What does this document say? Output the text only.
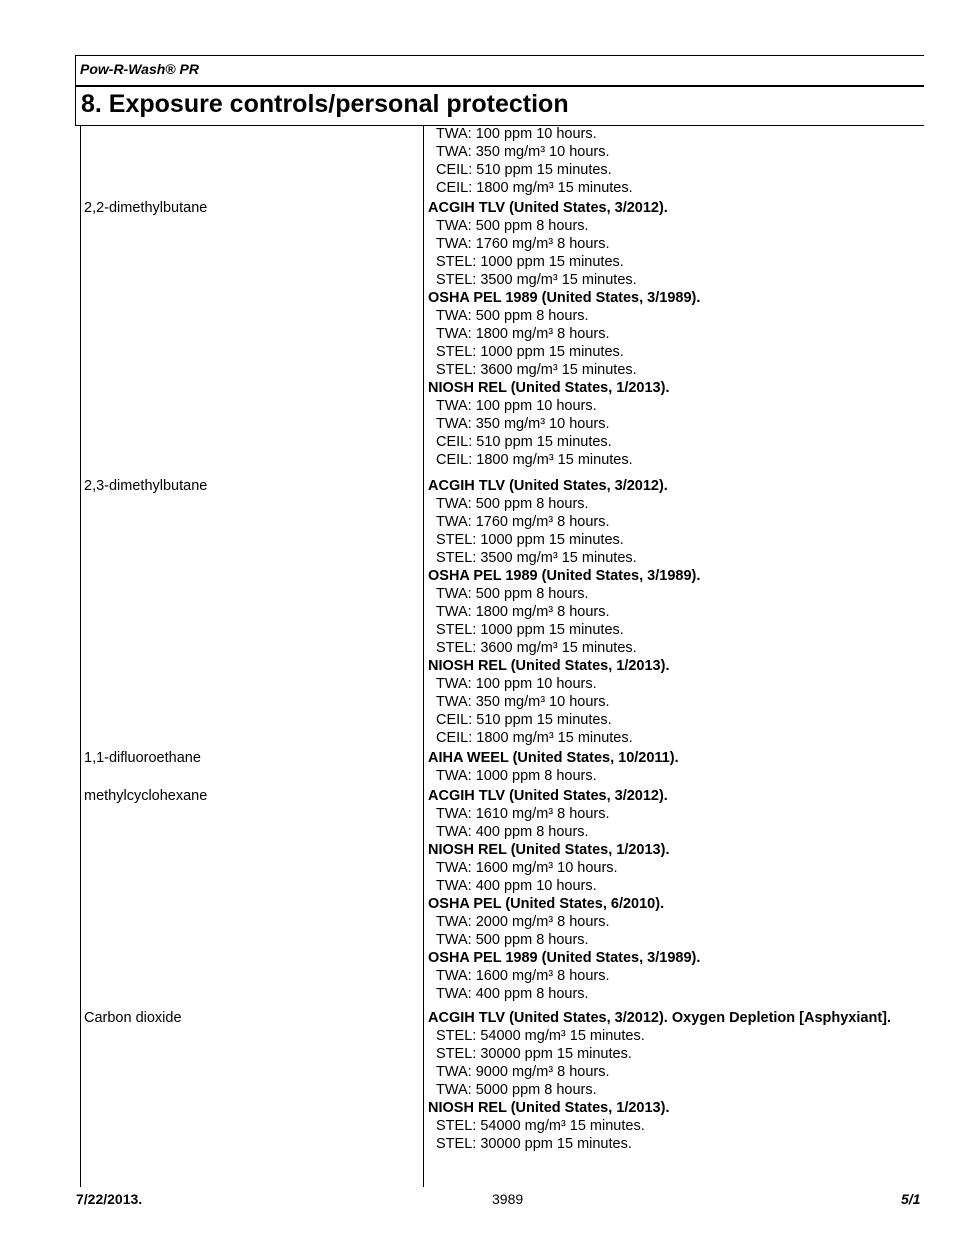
Pow-R-Wash® PR
8. Exposure controls/personal protection
TWA: 100 ppm 10 hours.
TWA: 350 mg/m³ 10 hours.
CEIL: 510 ppm 15 minutes.
CEIL: 1800 mg/m³ 15 minutes.
2,2-dimethylbutane	ACGIH TLV (United States, 3/2012).
TWA: 500 ppm 8 hours.
TWA: 1760 mg/m³ 8 hours.
STEL: 1000 ppm 15 minutes.
STEL: 3500 mg/m³ 15 minutes.
OSHA PEL 1989 (United States, 3/1989).
TWA: 500 ppm 8 hours.
TWA: 1800 mg/m³ 8 hours.
STEL: 1000 ppm 15 minutes.
STEL: 3600 mg/m³ 15 minutes.
NIOSH REL (United States, 1/2013).
TWA: 100 ppm 10 hours.
TWA: 350 mg/m³ 10 hours.
CEIL: 510 ppm 15 minutes.
CEIL: 1800 mg/m³ 15 minutes.
2,3-dimethylbutane	ACGIH TLV (United States, 3/2012).
TWA: 500 ppm 8 hours.
TWA: 1760 mg/m³ 8 hours.
STEL: 1000 ppm 15 minutes.
STEL: 3500 mg/m³ 15 minutes.
OSHA PEL 1989 (United States, 3/1989).
TWA: 500 ppm 8 hours.
TWA: 1800 mg/m³ 8 hours.
STEL: 1000 ppm 15 minutes.
STEL: 3600 mg/m³ 15 minutes.
NIOSH REL (United States, 1/2013).
TWA: 100 ppm 10 hours.
TWA: 350 mg/m³ 10 hours.
CEIL: 510 ppm 15 minutes.
CEIL: 1800 mg/m³ 15 minutes.
1,1-difluoroethane	AIHA WEEL (United States, 10/2011).
TWA: 1000 ppm 8 hours.
methylcyclohexane	ACGIH TLV (United States, 3/2012).
TWA: 1610 mg/m³ 8 hours.
TWA: 400 ppm 8 hours.
NIOSH REL (United States, 1/2013).
TWA: 1600 mg/m³ 10 hours.
TWA: 400 ppm 10 hours.
OSHA PEL (United States, 6/2010).
TWA: 2000 mg/m³ 8 hours.
TWA: 500 ppm 8 hours.
OSHA PEL 1989 (United States, 3/1989).
TWA: 1600 mg/m³ 8 hours.
TWA: 400 ppm 8 hours.
Carbon dioxide	ACGIH TLV (United States, 3/2012). Oxygen Depletion [Asphyxiant].
STEL: 54000 mg/m³ 15 minutes.
STEL: 30000 ppm 15 minutes.
TWA: 9000 mg/m³ 8 hours.
TWA: 5000 ppm 8 hours.
NIOSH REL (United States, 1/2013).
STEL: 54000 mg/m³ 15 minutes.
STEL: 30000 ppm 15 minutes.
7/22/2013.	3989	5/1
